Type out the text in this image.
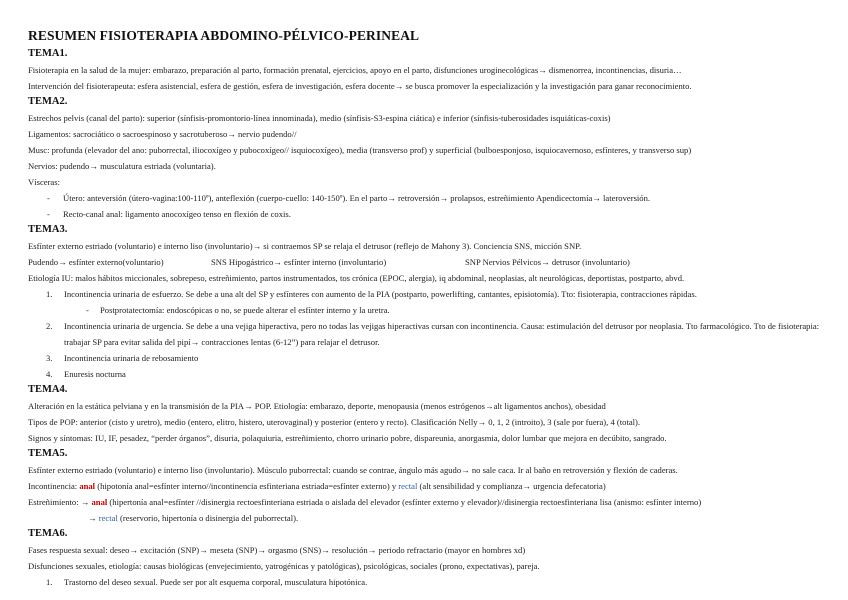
RESUMEN FISIOTERAPIA ABDOMINO-PÉLVICO-PERINEAL
TEMA1.
Fisioterapia en la salud de la mujer: embarazo, preparación al parto, formación prenatal, ejercicios, apoyo en el parto, disfunciones uroginecológicas→ dismenorrea, incontinencias, disuria…
Intervención del fisioterapeuta: esfera asistencial, esfera de gestión, esfera de investigación, esfera docente→ se busca promover la especialización y la investigación para ganar reconocimiento.
TEMA2.
Estrechos pelvis (canal del parto): superior (sínfisis-promontorio-línea innominada), medio (sínfisis-S3-espina ciática) e inferior (sínfisis-tuberosidades isquiáticas-coxis)
Ligamentos: sacrociático o sacroespinoso y sacrotuberoso→ nervio pudendo//
Musc: profunda (elevador del ano: puborrectal, iliocoxígeo y pubocoxígeo// isquiocoxígeo), media (transverso prof) y superficial (bulboesponjoso, isquiocavernoso, esfínteres, y transverso sup)
Nervios: pudendo→ musculatura estriada (voluntaria).
Vísceras:
- Útero: anteversión (útero-vagina:100-110º), anteflexión (cuerpo-cuello: 140-150º). En el parto→ retroversión→ prolapsos, estreñimiento Apendicectomía→ lateroversión.
- Recto-canal anal: ligamento anocoxígeo tenso en flexión de coxis.
TEMA3.
Esfínter externo estriado (voluntario) e interno liso (involuntario)→ si contraemos SP se relaja el detrusor (reflejo de Mahony 3). Conciencia SNS, micción SNP.
Pudendo→ esfínter externo(voluntario)	SNS Hipogástrico→ esfínter interno (involuntario)	SNP Nervios Pélvicos→ detrusor (involuntario)
Etiología IU: malos hábitos miccionales, sobrepeso, estreñimiento, partos instrumentados, tos crónica (EPOC, alergia), iq abdominal, neoplasias, alt neurológicas, deportistas, postparto, abvd.
1. Incontinencia urinaria de esfuerzo. Se debe a una alt del SP y esfínteres con aumento de la PIA (postparto, powerlifting, cantantes, episiotomía). Tto: fisioterapia, contracciones rápidas.
- Postprotatectomía: endoscópicas o no, se puede alterar el esfínter interno y la uretra.
2. Incontinencia urinaria de urgencia. Se debe a una vejiga hiperactiva, pero no todas las vejigas hiperactivas cursan con incontinencia. Causa: estimulación del detrusor por neoplasia. Tto farmacológico. Tto de fisioterapia: trabajar SP para evitar salida del pipí→ contracciones lentas (6-12”) para relajar el detrusor.
3. Incontinencia urinaria de rebosamiento
4. Enuresis nocturna
TEMA4.
Alteración en la estática pelviana y en la transmisión de la PIA→ POP. Etiología: embarazo, deporte, menopausia (menos estrógenos→alt ligamentos anchos), obesidad
Tipos de POP: anterior (cisto y uretro), medio (entero, elitro, histero, uterovaginal) y posterior (entero y recto). Clasificación Nelly→ 0, 1, 2 (introito), 3 (sale por fuera), 4 (total).
Signos y síntomas: IU, IF, pesadez, “perder órganos”, disuria, polaquiuria, estreñimiento, chorro urinario pobre, dispareunia, anorgasmia, dolor lumbar que mejora en decúbito, sangrado.
TEMA5.
Esfínter externo estriado (voluntario) e interno liso (involuntario). Músculo puborrectal: cuando se contrae, ángulo más agudo→ no sale caca. Ir al baño en retroversión y flexión de caderas.
Incontinencia: anal (hipotonía anal=esfínter interno//incontinencia esfinteriana estriada=esfínter externo) y rectal (alt sensibilidad y complianza→ urgencia defecatoria)
Estreñimiento: → anal (hipertonía anal=esfínter //disinergia rectoesfinteriana estriada o aislada del elevador (esfínter externo y elevador)//disinergia rectoesfinteriana lisa (anismo: esfínter interno)
→ rectal (reservorio, hipertonía o disinergia del puborrectal).
TEMA6.
Fases respuesta sexual: deseo→ excitación (SNP)→ meseta (SNP)→ orgasmo (SNS)→ resolución→ periodo refractario (mayor en hombres xd)
Disfunciones sexuales, etiología: causas biológicas (envejecimiento, yatrogénicas y patológicas), psicológicas, sociales (prono, expectativas), pareja.
1. Trastorno del deseo sexual. Puede ser por alt esquema corporal, musculatura hipotónica.
